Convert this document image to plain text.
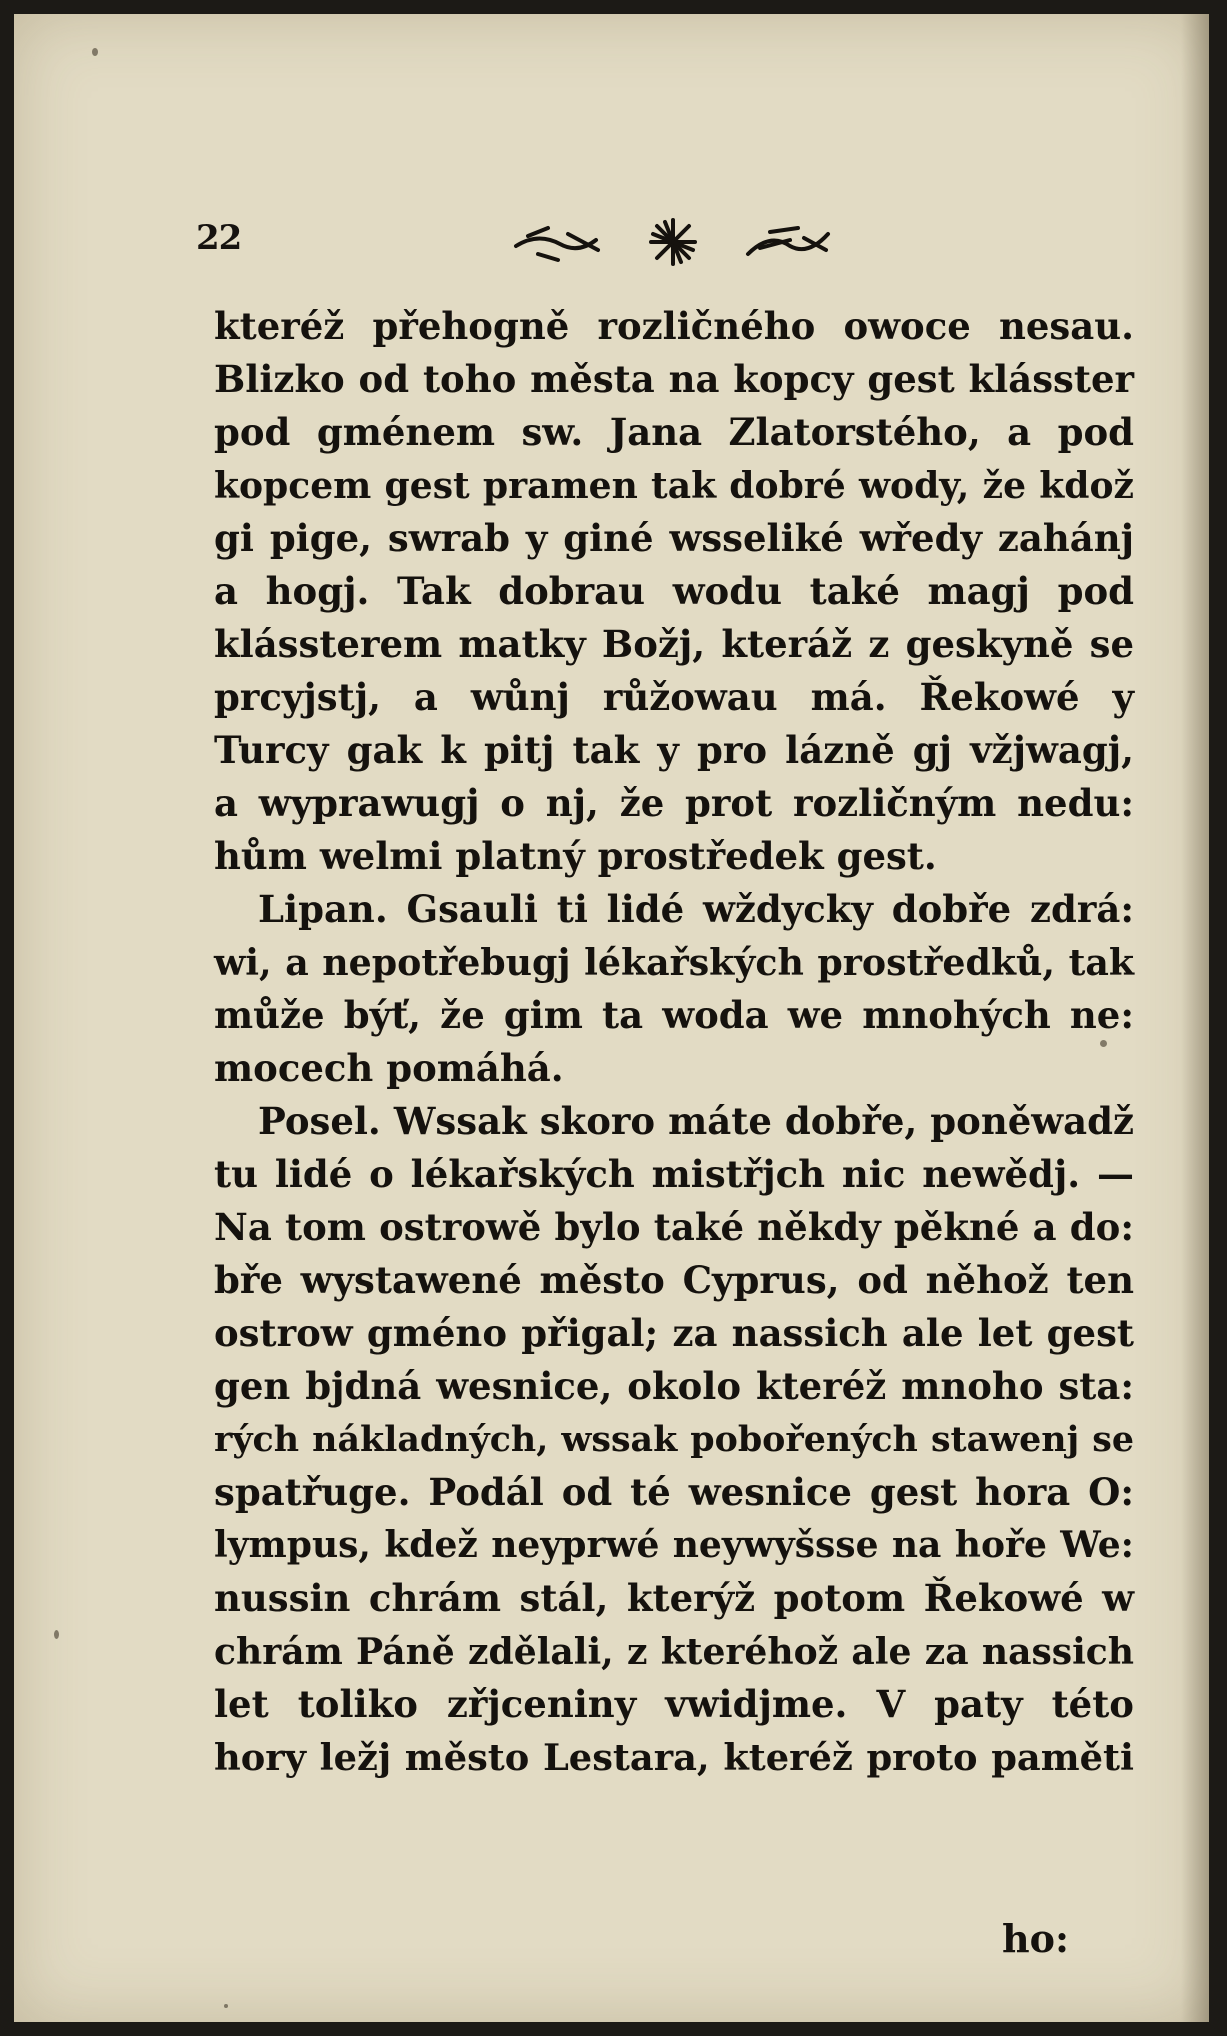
22
kteréž přehogně rozličného owoce nesau.
Blizko od toho města na kopcy gest klásster
pod gménem sw. Jana Zlatorstého, a pod
kopcem gest pramen tak dobré wody, že kdož
gi pige, swrab y giné wsseliké wředy zahánj
a hogj. Tak dobrau wodu také magj pod
klássterem matky Božj, kteráž z geskyně se
prcyjstj, a wůnj růžowau má. Řekowé y
Turcy gak k pitj tak y pro lázně gj vžjwagj,
a wyprawugj o nj, že prot rozličným nedu:
hům welmi platný prostředek gest.
Lipan. Gsauli ti lidé wždycky dobře zdrá:
wi, a nepotřebugj lékařských prostředků, tak
může býť, že gim ta woda we mnohých ne:
mocech pomáhá.
Posel. Wssak skoro máte dobře, poněwadž
tu lidé o lékařských mistřjch nic newědj. —
Na tom ostrowě bylo také někdy pěkné a do:
bře wystawené město Cyprus, od něhož ten
ostrow gméno přigal; za nassich ale let gest
gen bjdná wesnice, okolo kteréž mnoho sta:
rých nákladných, wssak pobořených stawenj se
spatřuge. Podál od té wesnice gest hora O:
lympus, kdež neyprwé neywyšsse na hoře We:
nussin chrám stál, kterýž potom Řekowé w
chrám Páně zdělali, z kteréhož ale za nassich
let toliko zřjceniny vwidjme. V paty této
hory ležj město Lestara, kteréž proto paměti
ho:
